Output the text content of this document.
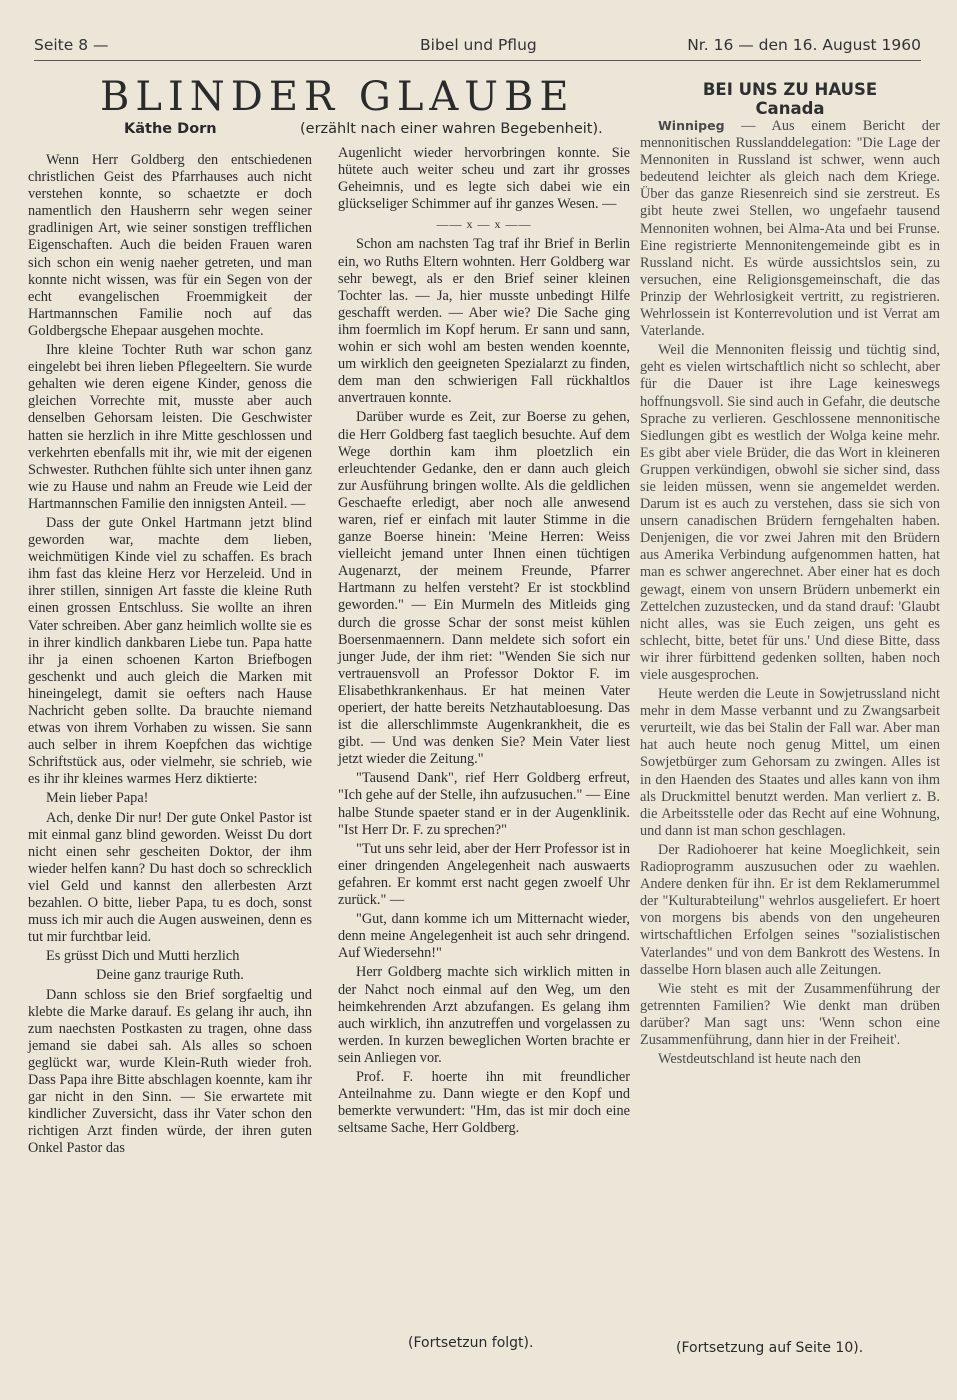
Seite 8 —	Bibel und Pflug	Nr. 16 — den 16. August 1960
BLINDER GLAUBE
Käthe Dorn	(erzählt nach einer wahren Begebenheit).

Wenn Herr Goldberg den entschiedenen christlichen Geist des Pfarrhauses auch nicht verstehen konnte, so schaetzte er doch namentlich den Hausherrn sehr wegen seiner gradlinigen Art, wie seiner sonstigen trefflichen Eigenschaften. Auch die beiden Frauen waren sich schon ein wenig naeher getreten, und man konnte nicht wissen, was für ein Segen von der echt evangelischen Froemmigkeit der Hartmannschen Familie noch auf das Goldbergsche Ehepaar ausgehen mochte.

Ihre kleine Tochter Ruth war schon ganz eingelebt bei ihren lieben Pflegeeltern. Sie wurde gehalten wie deren eigene Kinder, genoss die gleichen Vorrechte mit, musste aber auch denselben Gehorsam leisten. Die Geschwister hatten sie herzlich in ihre Mitte geschlossen und verkehrten ebenfalls mit ihr, wie mit der eigenen Schwester. Ruthchen fühlte sich unter ihnen ganz wie zu Hause und nahm an Freude wie Leid der Hartmannschen Familie den innigsten Anteil. —

Dass der gute Onkel Hartmann jetzt blind geworden war, machte dem lieben, weichmütigen Kinde viel zu schaffen. Es brach ihm fast das kleine Herz vor Herzeleid. Und in ihrer stillen, sinnigen Art fasste die kleine Ruth einen grossen Entschluss. Sie wollte an ihren Vater schreiben. Aber ganz heimlich wollte sie es in ihrer kindlich dankbaren Liebe tun. Papa hatte ihr ja einen schoenen Karton Briefbogen geschenkt und auch gleich die Marken mit hineingelegt, damit sie oefters nach Hause Nachricht geben sollte. Da brauchte niemand etwas von ihrem Vorhaben zu wissen. Sie sann auch selber in ihrem Koepfchen das wichtige Schriftstück aus, oder vielmehr, sie schrieb, wie es ihr ihr kleines warmes Herz diktierte:

Mein lieber Papa!

Ach, denke Dir nur! Der gute Onkel Pastor ist mit einmal ganz blind geworden. Weisst Du dort nicht einen sehr gescheiten Doktor, der ihm wieder helfen kann? Du hast doch so schrecklich viel Geld und kannst den allerbesten Arzt bezahlen. O bitte, lieber Papa, tu es doch, sonst muss ich mir auch die Augen ausweinen, denn es tut mir furchtbar leid.

Es grüsst Dich und Mutti herzlich

Deine ganz traurige Ruth.

Dann schloss sie den Brief sorgfaeltig und klebte die Marke darauf. Es gelang ihr auch, ihn zum naechsten Postkasten zu tragen, ohne dass jemand sie dabei sah. Als alles so schoen geglückt war, wurde Klein-Ruth wieder froh. Dass Papa ihre Bitte abschlagen koennte, kam ihr gar nicht in den Sinn. — Sie erwartete mit kindlicher Zuversicht, dass ihr Vater schon den richtigen Arzt finden würde, der ihren guten Onkel Pastor das

Augenlicht wieder hervorbringen konnte. Sie hütete auch weiter scheu und zart ihr grosses Geheimnis, und es legte sich dabei wie ein glückseliger Schimmer auf ihr ganzes Wesen. —

—— x — x ——

Schon am nachsten Tag traf ihr Brief in Berlin ein, wo Ruths Eltern wohnten. Herr Goldberg war sehr bewegt, als er den Brief seiner kleinen Tochter las. — Ja, hier musste unbedingt Hilfe geschafft werden. — Aber wie? Die Sache ging ihm foermlich im Kopf herum. Er sann und sann, wohin er sich wohl am besten wenden koennte, um wirklich den geeigneten Spezialarzt zu finden, dem man den schwierigen Fall rückhaltlos anvertrauen konnte.

Darüber wurde es Zeit, zur Boerse zu gehen, die Herr Goldberg fast taeglich besuchte. Auf dem Wege dorthin kam ihm ploetzlich ein erleuchtender Gedanke, den er dann auch gleich zur Ausführung bringen wollte. Als die geldlichen Geschaefte erledigt, aber noch alle anwesend waren, rief er einfach mit lauter Stimme in die ganze Boerse hinein: 'Meine Herren: Weiss vielleicht jemand unter Ihnen einen tüchtigen Augenarzt, der meinem Freunde, Pfarrer Hartmann zu helfen versteht? Er ist stockblind geworden." — Ein Murmeln des Mitleids ging durch die grosse Schar der sonst meist kühlen Boersenmaennern. Dann meldete sich sofort ein junger Jude, der ihm riet: "Wenden Sie sich nur vertrauensvoll an Professor Doktor F. im Elisabethkrankenhaus. Er hat meinen Vater operiert, der hatte bereits Netzhautabloesung. Das ist die allerschlimmste Augenkrankheit, die es gibt. — Und was denken Sie? Mein Vater liest jetzt wieder die Zeitung."

"Tausend Dank", rief Herr Goldberg erfreut, "Ich gehe auf der Stelle, ihn aufzusuchen." — Eine halbe Stunde spaeter stand er in der Augenklinik. "Ist Herr Dr. F. zu sprechen?"

"Tut uns sehr leid, aber der Herr Professor ist in einer dringenden Angelegenheit nach auswaerts gefahren. Er kommt erst nacht gegen zwoelf Uhr zurück." —

"Gut, dann komme ich um Mitternacht wieder, denn meine Angelegenheit ist auch sehr dringend. Auf Wiedersehn!"

Herr Goldberg machte sich wirklich mitten in der Nahct noch einmal auf den Weg, um den heimkehrenden Arzt abzufangen. Es gelang ihm auch wirklich, ihn anzutreffen und vorgelassen zu werden. In kurzen beweglichen Worten brachte er sein Anliegen vor.

Prof. F. hoerte ihn mit freundlicher Anteilnahme zu. Dann wiegte er den Kopf und bemerkte verwundert: "Hm, das ist mir doch eine seltsame Sache, Herr Goldberg.

(Fortsetzun folgt).
BEI UNS ZU HAUSE
Canada

Winnipeg — Aus einem Bericht der mennonitischen Russlanddelegation: "Die Lage der Mennoniten in Russland ist schwer, wenn auch bedeutend leichter als gleich nach dem Kriege. Über das ganze Riesenreich sind sie zerstreut. Es gibt heute zwei Stellen, wo ungefaehr tausend Mennoniten wohnen, bei Alma-Ata und bei Frunse. Eine registrierte Mennonitengemeinde gibt es in Russland nicht. Es würde aussichtslos sein, zu versuchen, eine Religionsgemeinschaft, die das Prinzip der Wehrlosigkeit vertritt, zu registrieren. Wehrlossein ist Konterrevolution und ist Verrat am Vaterlande.

Weil die Mennoniten fleissig und tüchtig sind, geht es vielen wirtschaftlich nicht so schlecht, aber für die Dauer ist ihre Lage keineswegs hoffnungsvoll. Sie sind auch in Gefahr, die deutsche Sprache zu verlieren. Geschlossene mennonitische Siedlungen gibt es westlich der Wolga keine mehr. Es gibt aber viele Brüder, die das Wort in kleineren Gruppen verkündigen, obwohl sie sicher sind, dass sie leiden müssen, wenn sie angemeldet werden. Darum ist es auch zu verstehen, dass sie sich von unsern canadischen Brüdern ferngehalten haben. Denjenigen, die vor zwei Jahren mit den Brüdern aus Amerika Verbindung aufgenommen hatten, hat man es schwer angerechnet. Aber einer hat es doch gewagt, einem von unsern Brüdern unbemerkt ein Zettelchen zuzustecken, und da stand drauf: 'Glaubt nicht alles, was sie Euch zeigen, uns geht es schlecht, bitte, betet für uns.' Und diese Bitte, dass wir ihrer fürbittend gedenken sollten, haben noch viele ausgesprochen.

Heute werden die Leute in Sowjetrussland nicht mehr in dem Masse verbannt und zu Zwangsarbeit verurteilt, wie das bei Stalin der Fall war. Aber man hat auch heute noch genug Mittel, um einen Sowjetbürger zum Gehorsam zu zwingen. Alles ist in den Haenden des Staates und alles kann von ihm als Druckmittel benutzt werden. Man verliert z. B. die Arbeitsstelle oder das Recht auf eine Wohnung, und dann ist man schon geschlagen.

Der Radiohoerer hat keine Moeglichkeit, sein Radioprogramm auszusuchen oder zu waehlen. Andere denken für ihn. Er ist dem Reklamerummel der "Kulturabteilung" wehrlos ausgeliefert. Er hoert von morgens bis abends von den ungeheuren wirtschaftlichen Erfolgen seines "sozialistischen Vaterlandes" und von dem Bankrott des Westens. In dasselbe Horn blasen auch alle Zeitungen.

Wie steht es mit der Zusammenführung der getrennten Familien? Wie denkt man drüben darüber? Man sagt uns: 'Wenn schon eine Zusammenführung, dann hier in der Freiheit'.

Westdeutschland ist heute nach den

(Fortsetzung auf Seite 10).
